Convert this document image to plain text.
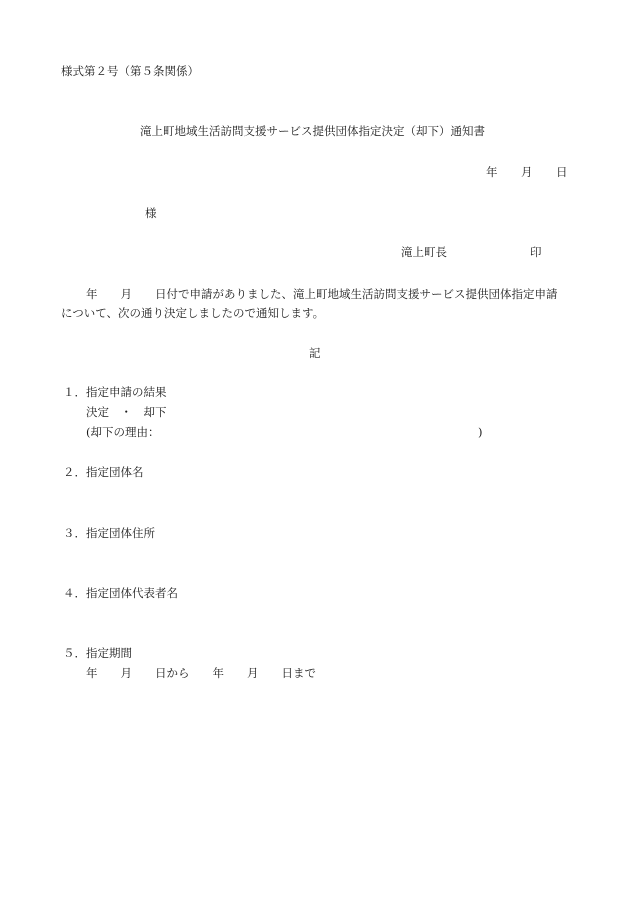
様式第２号（第５条関係）
滝上町地域生活訪問支援サービス提供団体指定決定（却下）通知書
年 月 日
様
滝上町長	印
年　　月　　日付で申請がありました、滝上町地域生活訪問支援サービス提供団体指定申請
について、次の通り決定しましたので通知します。
記
１．指定申請の結果
決定　・　却下
(却下の理由：	)
２．指定団体名
３．指定団体住所
４．指定団体代表者名
５．指定期間
年　　月　　日から　　年　　月　　日まで
